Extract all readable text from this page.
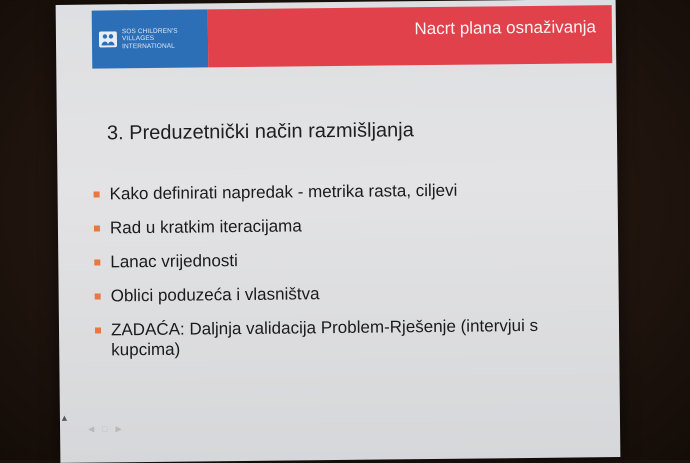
SOS CHILDREN'S
VILLAGES
INTERNATIONAL
Nacrt plana osnaživanja
3. Preduzetnički način razmišljanja
Kako definirati napredak - metrika rasta, ciljevi
Rad u kratkim iteracijama
Lanac vrijednosti
Oblici poduzeća i vlasništva
ZADAĆA: Daljnja validacija Problem-Rješenje (intervjui s kupcima)
▲
◀ □ ▶
